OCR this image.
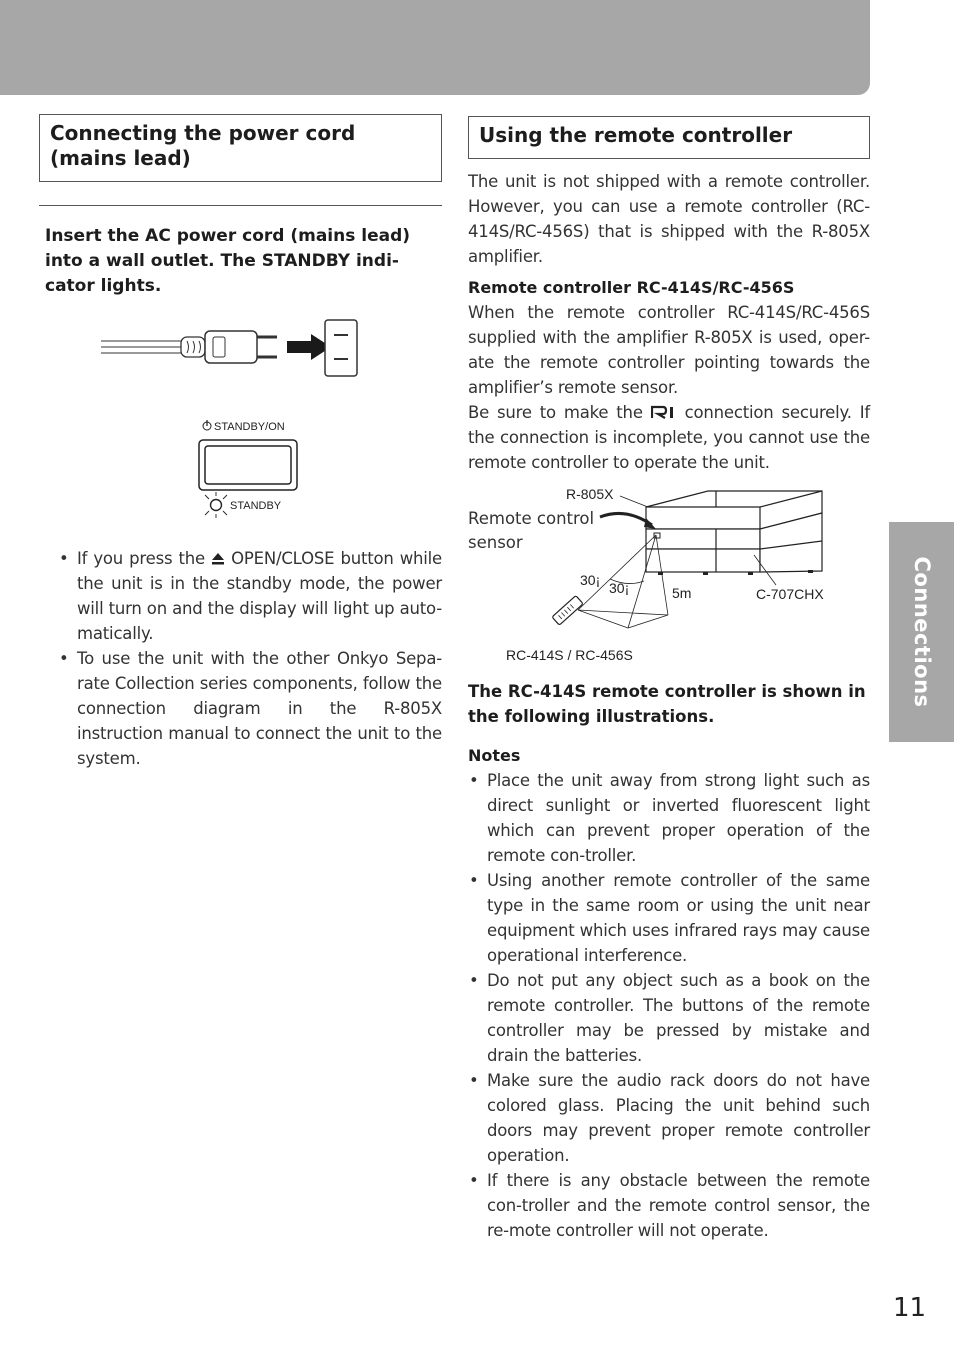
Connections
Connecting the power cord (mains lead)
Insert the AC power cord (mains lead) into a wall outlet. The STANDBY indi-cator lights.
STANDBY/ON
STANDBY
• If you press the  OPEN/CLOSE button while the unit is in the standby mode, the power will turn on and the display will light up auto-matically.
• To use the unit with the other Onkyo Sepa-rate Collection series components, follow the connection diagram in the R-805X instruction manual to connect the unit to the system.
Using the remote controller
The unit is not shipped with a remote controller. However, you can use a remote controller (RC-414S/RC-456S) that is shipped with the R-805X amplifier.
Remote controller RC-414S/RC-456S
When the remote controller RC-414S/RC-456S supplied with the amplifier R-805X is used, oper-ate the remote controller pointing towards the amplifier’s remote sensor.
Be sure to make the RI connection securely. If the connection is incomplete, you cannot use the remote controller to operate the unit.
R-805X
Remote control
sensor
30¡ 30¡	5m	C-707CHX
RC-414S / RC-456S
The RC-414S remote controller is shown in the following illustrations.
Notes
• Place the unit away from strong light such as direct sunlight or inverted fluorescent light which can prevent proper operation of the remote con-troller.
• Using another remote controller of the same type in the same room or using the unit near equipment which uses infrared rays may cause operational interference.
• Do not put any object such as a book on the remote controller. The buttons of the remote controller may be pressed by mistake and drain the batteries.
• Make sure the audio rack doors do not have colored glass. Placing the unit behind such doors may prevent proper remote controller operation.
• If there is any obstacle between the remote con-troller and the remote control sensor, the re-mote controller will not operate.
11
